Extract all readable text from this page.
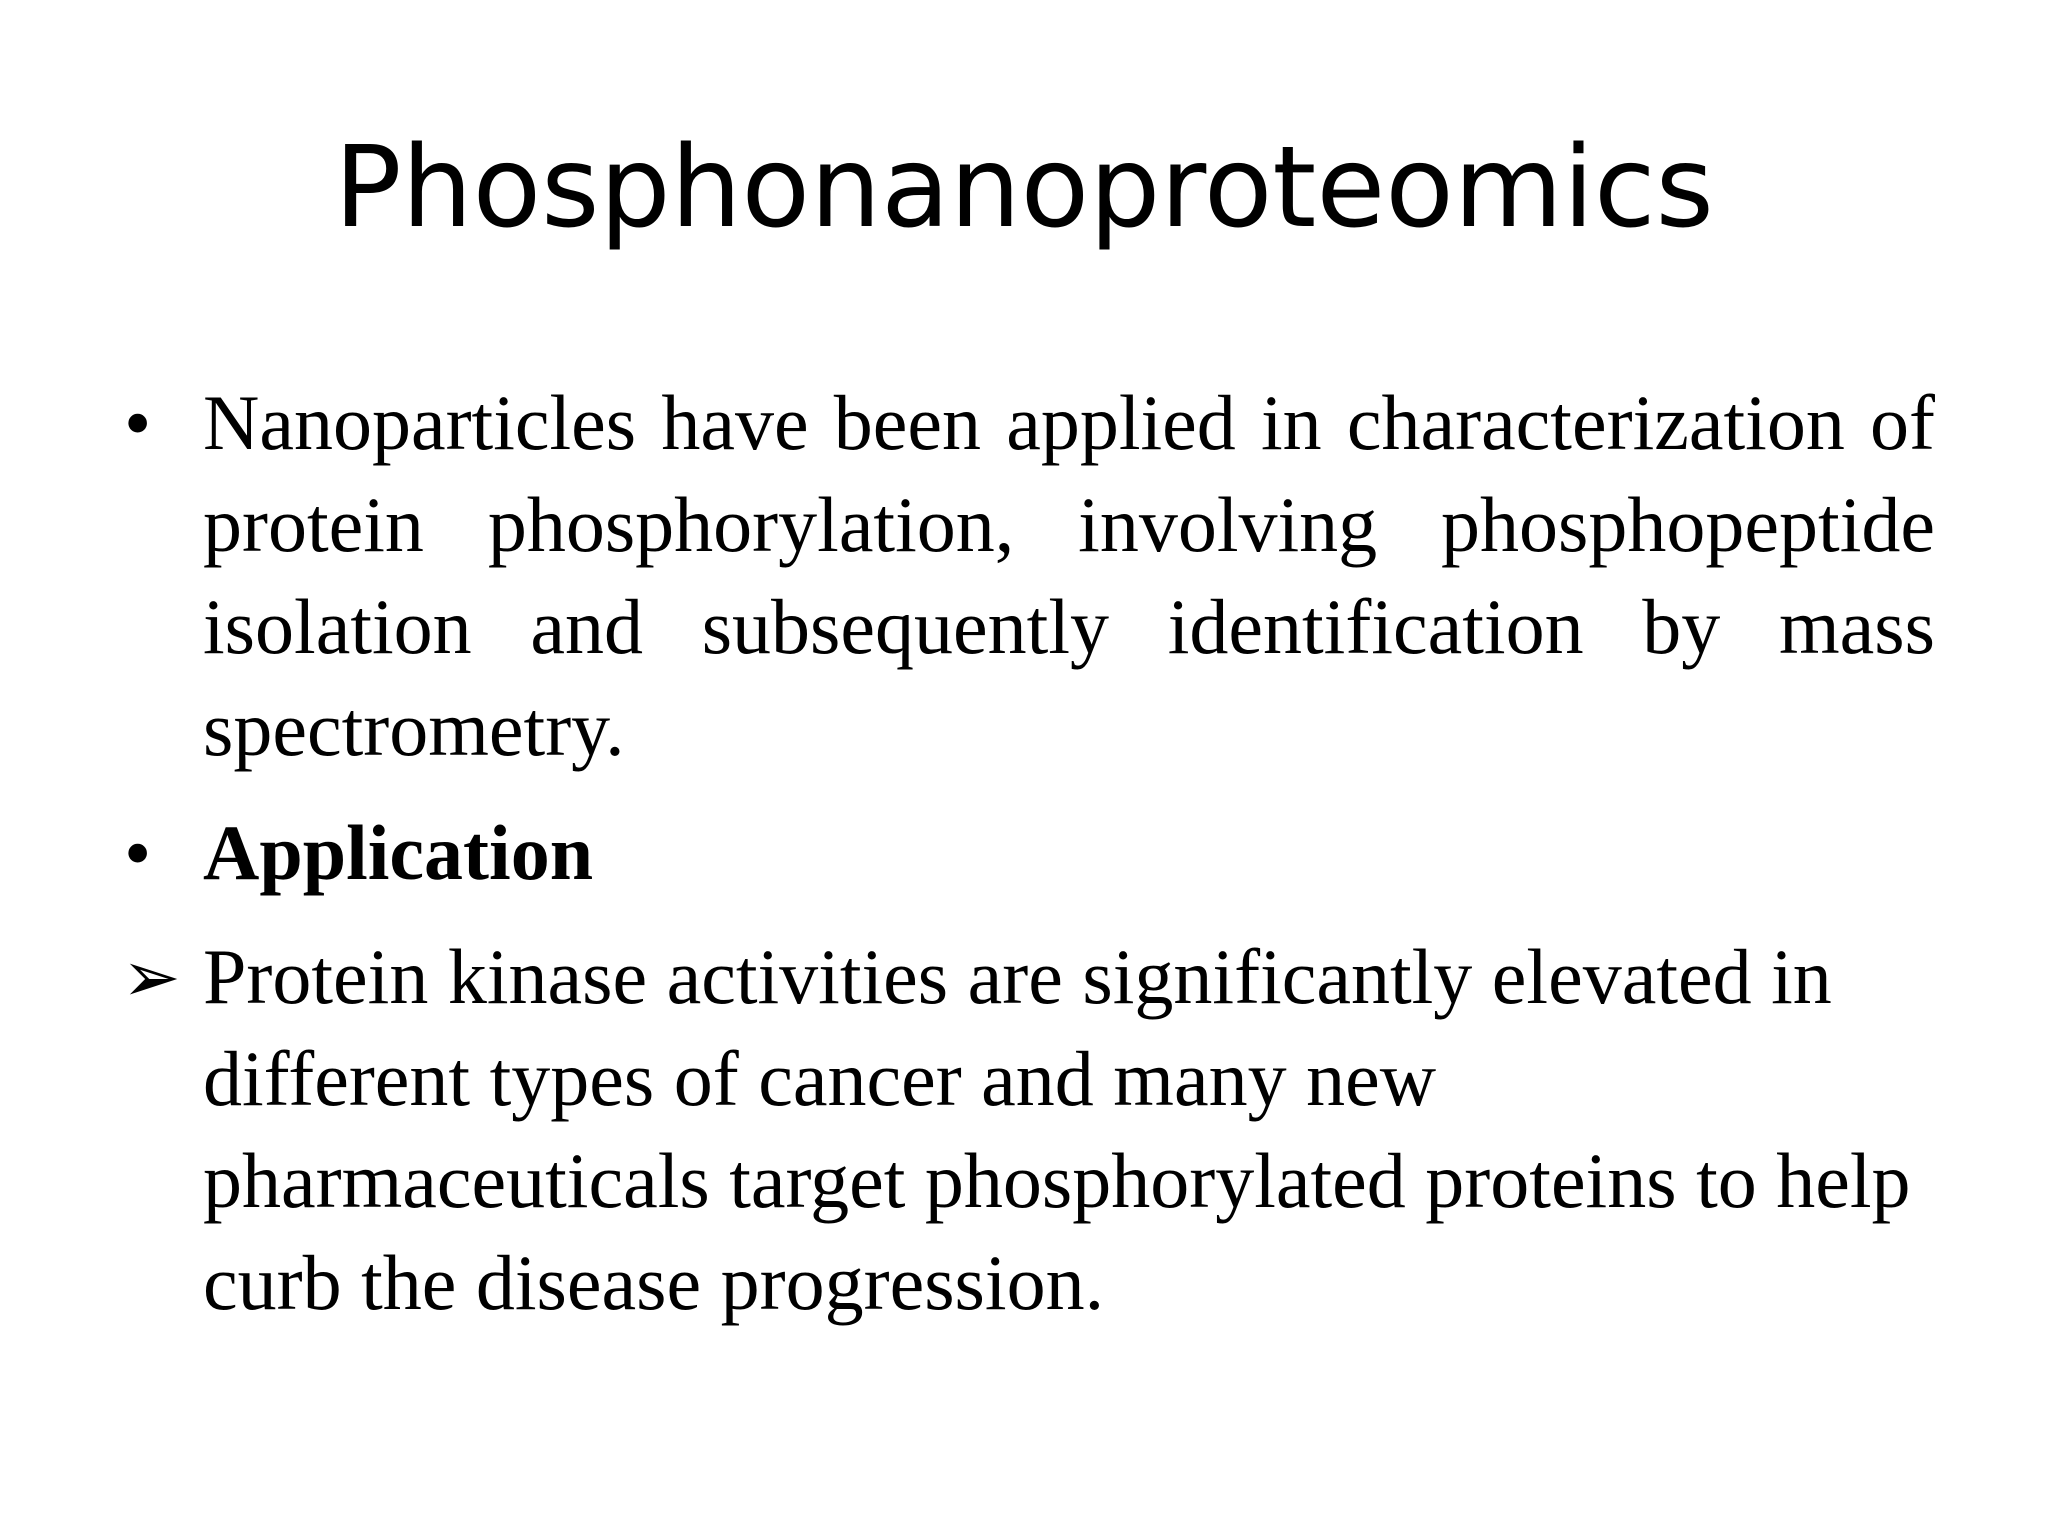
Phosphonanoproteomics
• Nanoparticles have been applied in characterization of protein phosphorylation, involving phosphopeptide isolation and subsequently identification by mass spectrometry.
• Application
➢ Protein kinase activities are significantly elevated in different types of cancer and many new pharmaceuticals target phosphorylated proteins to help curb the disease progression.
